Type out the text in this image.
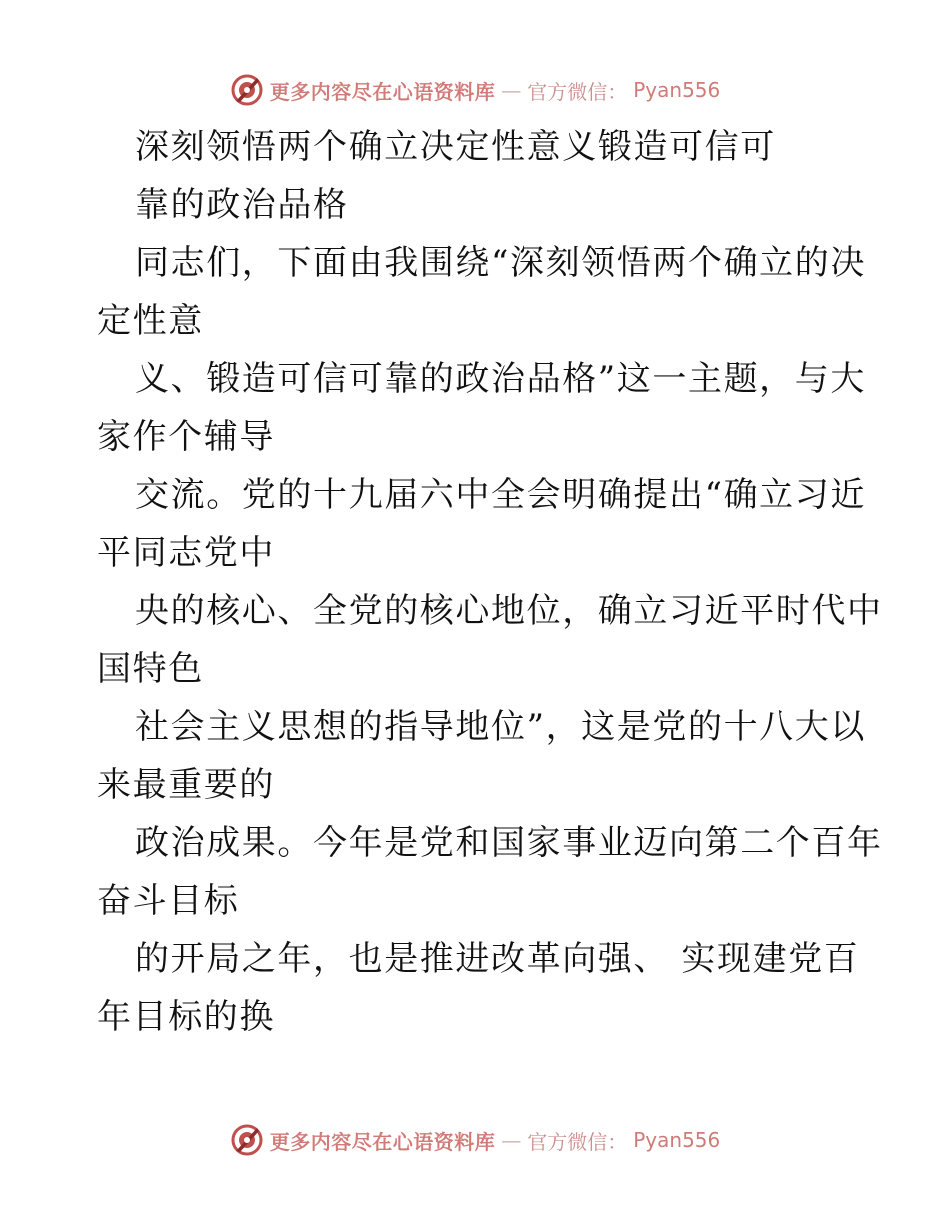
更多内容尽在心语资料库 — 官方微信： Pyan556
深刻领悟两个确立决定性意义锻造可信可
靠的政治品格
同志们，下面由我围绕“深刻领悟两个确立的决
定性意
义、锻造可信可靠的政治品格”这一主题，与大
家作个辅导
交流。党的十九届六中全会明确提出“确立习近
平同志党中
央的核心、全党的核心地位，确立习近平时代中
国特色
社会主义思想的指导地位”，这是党的十八大以
来最重要的
政治成果。今年是党和国家事业迈向第二个百年
奋斗目标
的开局之年，也是推进改革向强、 实现建党百
年目标的换
更多内容尽在心语资料库 — 官方微信： Pyan556
